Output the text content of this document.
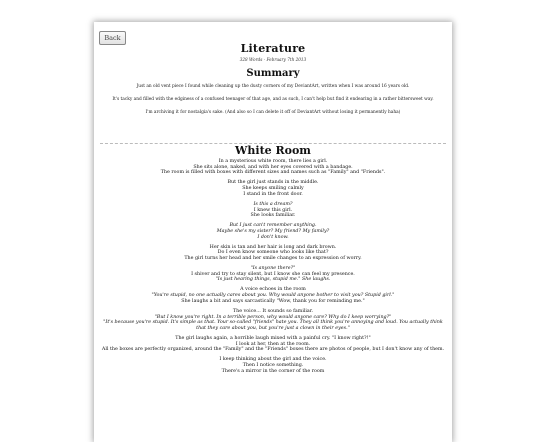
Back
Literature
328 Words - February 7th 2013
Summary

Just an old vent piece I found while cleaning up the dusty corners of my DeviantArt, written when I was around 16 years old.

It's tacky and filled with the edginess of a confused teenager of that age, and as such, I can't help but find it endearing in a rather bittersweet way.

I'm archiving it for nostalgia's sake. (And also so I can delete it off of DeviantArt without losing it permanently haha)

White Room
In a mysterious white room, there lies a girl.
She sits alone, naked, and with her eyes covered with a bandage.
The room is filled with boxes with different sizes and names such as "Family" and "Friends".
But the girl just stands in the middle.
She keeps smiling calmly
I stand in the front door.
Is this a dream?
I knew this girl.
She looks familiar.
But I just can't remember anything.
Maybe she's my sister? My friend? My family?
I don't know.
Her skin is tan and her hair is long and dark brown.
Do I even know someone who looks like that?
The girl turns her head and her smile changes to an expression of worry.
"Is anyone there?"
I shiver and try to stay silent, but I know she can feel my presence.
"Is just hearing things, stupid me." She laughs.
A voice echoes in the room
"You're stupid, no one actually cares about you. Why would anyone bother to visit you? Stupid girl."
She laughs a bit and says sarcastically "Wow, thank you for reminding me."
The voice... It sounds so familiar.
"But I know you're right. In a terrible person, why would anyone care? Why do I keep worrying?"
"It's because you're stupid. It's simple as that. Your so-called "friends" hate you. They all think you're annoying and loud. You actually think that they care about you, but you're just a clown in their eyes."
The girl laughs again, a horrible laugh mixed with a painful cry. "I know right?!"
I look at her, then at the room.
All the boxes are perfectly organized, around the "Family" and the "Friends" boxes there are photos of people, but I don't know any of them.
I keep thinking about the girl and the voice.
Then I notice something.
There's a mirror in the corner of the room
